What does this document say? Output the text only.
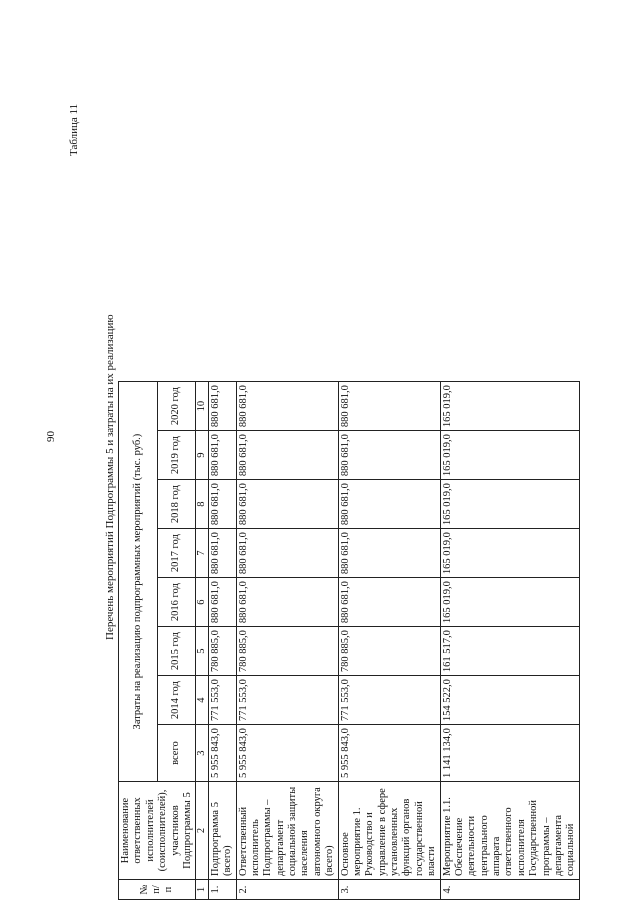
90
Таблица 11
Перечень мероприятий Подпрограммы 5 и затраты на их реализацию
№ п/п	Наименование ответственных исполнителей (соисполнителей), участников Подпрограммы 5	Затраты на реализацию подпрограммных мероприятий (тыс. руб.)							
		всего	2014 год	2015 год	2016 год	2017 год	2018 год	2019 год	2020 год
1	2	3	4	5	6	7	8	9	10
1.	Подпрограмма 5 (всего)	5 955 843,0	771 553,0	780 885,0	880 681,0	880 681,0	880 681,0	880 681,0	880 681,0
2.	Ответственный исполнитель Подпрограммы – департамент социальной защиты населения автономного округа (всего)	5 955 843,0	771 553,0	780 885,0	880 681,0	880 681,0	880 681,0	880 681,0	880 681,0
3.	Основное мероприятие 1. Руководство и управление в сфере установленных функций органов государственной власти	5 955 843,0	771 553,0	780 885,0	880 681,0	880 681,0	880 681,0	880 681,0	880 681,0
4.	Мероприятие 1.1. Обеспечение деятельности центрального аппарата ответственного исполнителя Государственной программы – департамента социальной	1 141 134,0	154 522,0	161 517,0	165 019,0	165 019,0	165 019,0	165 019,0	165 019,0
